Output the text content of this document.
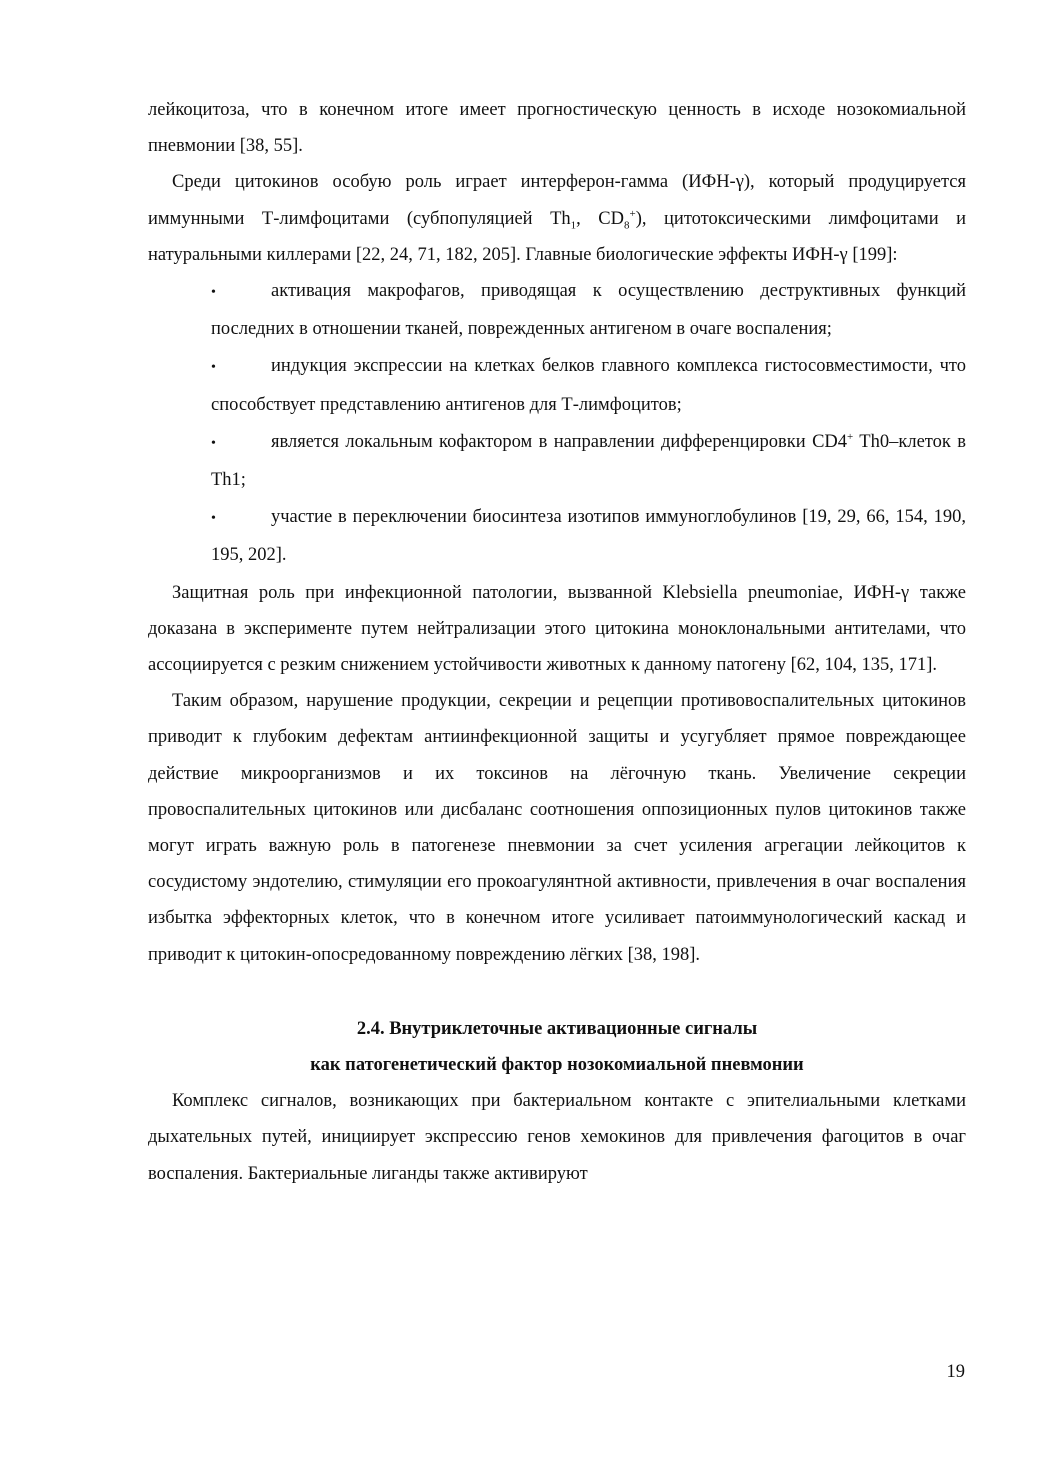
лейкоцитоза, что в конечном итоге имеет прогностическую ценность в исходе нозокомиальной пневмонии [38, 55].

Среди цитокинов особую роль играет интерферон-гамма (ИФН-γ), который продуцируется иммунными Т-лимфоцитами (субпопуляцией $Th_1$, $CD_8^+$), цитотоксическими лимфоцитами и натуральными киллерами [22, 24, 71, 182, 205]. Главные биологические эффекты ИФН-γ [199]:

•	активация макрофагов, приводящая к осуществлению деструктивных функций последних в отношении тканей, поврежденных антигеном в очаге воспаления;
•	индукция экспрессии на клетках белков главного комплекса гистосовместимости, что способствует представлению антигенов для Т-лимфоцитов;
•	является локальным кофактором в направлении дифференцировки CD4+ Th0–клеток в Th1;
•	участие в переключении биосинтеза изотипов иммуноглобулинов [19, 29, 66, 154, 190, 195, 202].

Защитная роль при инфекционной патологии, вызванной Klebsiella pneumoniae, ИФН-γ также доказана в эксперименте путем нейтрализации этого цитокина моноклональными антителами, что ассоциируется с резким снижением устойчивости животных к данному патогену [62, 104, 135, 171].

Таким образом, нарушение продукции, секреции и рецепции противовоспалительных цитокинов приводит к глубоким дефектам антиинфекционной защиты и усугубляет прямое повреждающее действие микроорганизмов и их токсинов на лёгочную ткань. Увеличение секреции провоспалительных цитокинов или дисбаланс соотношения оппозиционных пулов цитокинов также могут играть важную роль в патогенезе пневмонии за счет усиления агрегации лейкоцитов к сосудистому эндотелию, стимуляции его прокоагулянтной активности, привлечения в очаг воспаления избытка эффекторных клеток, что в конечном итоге усиливает патоиммунологический каскад и приводит к цитокин-опосредованному повреждению лёгких [38, 198].

2.4. Внутриклеточные активационные сигналы

как патогенетический фактор нозокомиальной пневмонии

Комплекс сигналов, возникающих при бактериальном контакте с эпителиальными клетками дыхательных путей, инициирует экспрессию генов хемокинов для привлечения фагоцитов в очаг воспаления. Бактериальные лиганды также активируют

19
